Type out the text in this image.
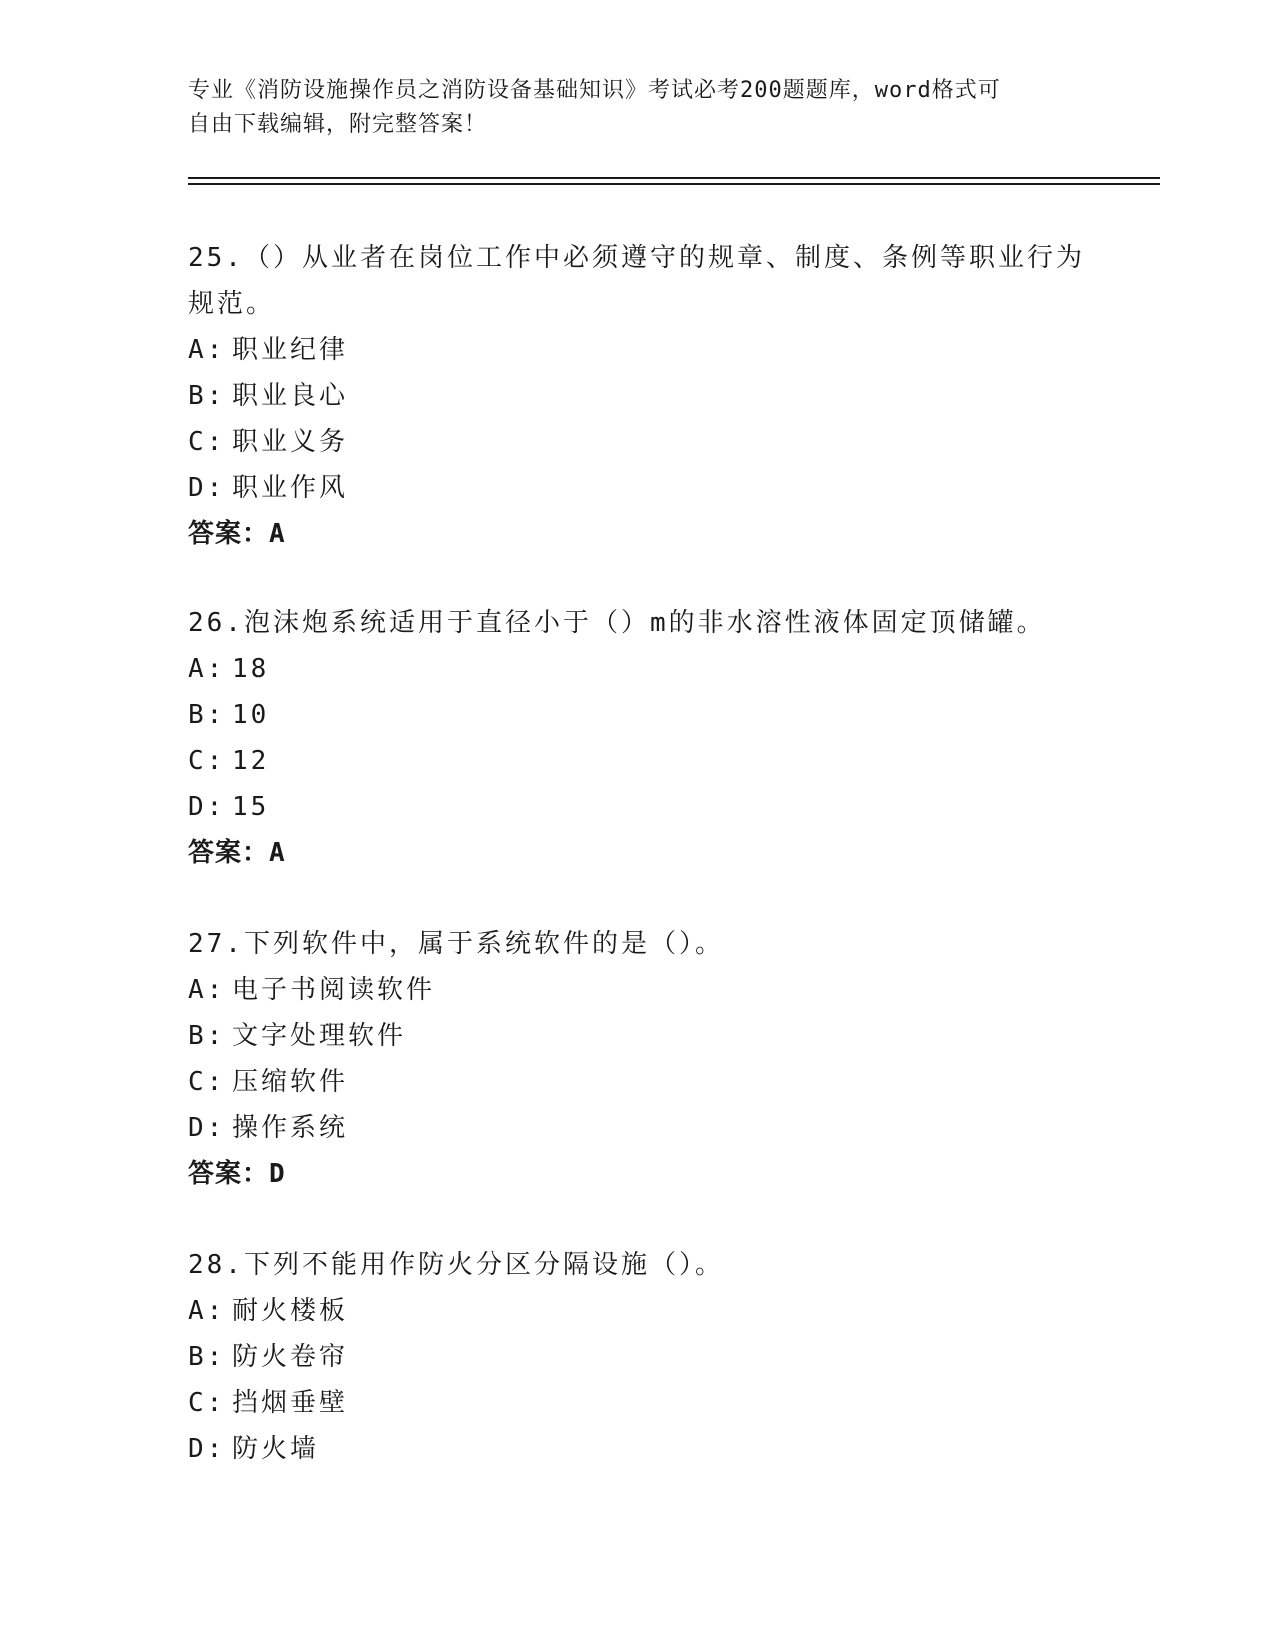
专业《消防设施操作员之消防设备基础知识》考试必考200题题库，word格式可
自由下载编辑，附完整答案！
25.（）从业者在岗位工作中必须遵守的规章、制度、条例等职业行为
规范。
A: 职业纪律
B: 职业良心
C: 职业义务
D: 职业作风
答案：A
26.泡沫炮系统适用于直径小于（）m的非水溶性液体固定顶储罐。
A: 18
B: 10
C: 12
D: 15
答案：A
27.下列软件中，属于系统软件的是（）。
A: 电子书阅读软件
B: 文字处理软件
C: 压缩软件
D: 操作系统
答案：D
28.下列不能用作防火分区分隔设施（）。
A: 耐火楼板
B: 防火卷帘
C: 挡烟垂壁
D: 防火墙
